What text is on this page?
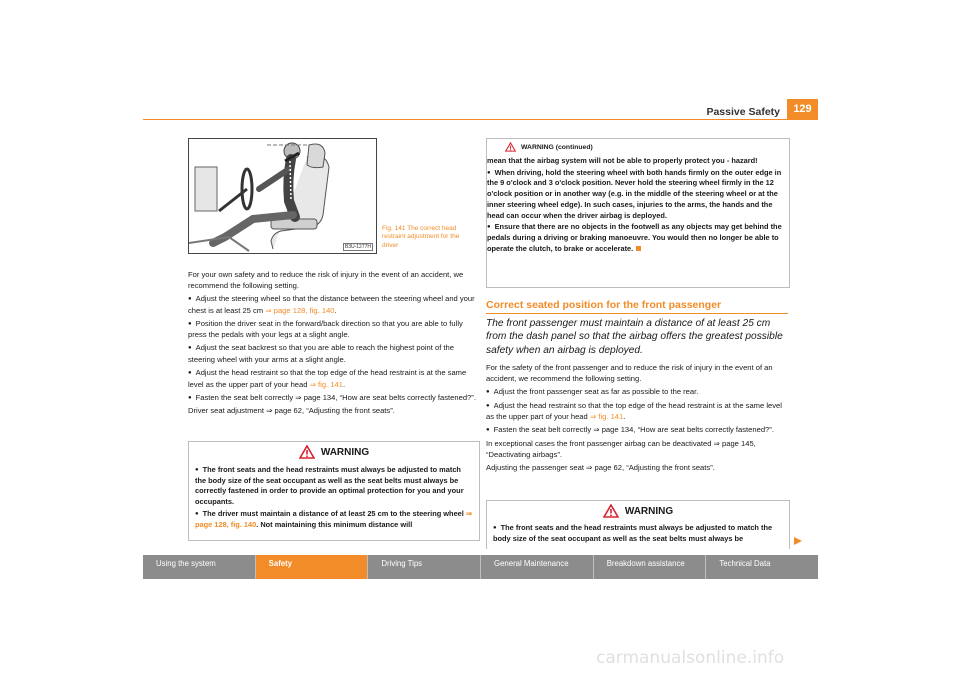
Passive Safety	129
B3U-1277H
Fig. 141 The correct head restraint adjustment for the driver

For your own safety and to reduce the risk of injury in the event of an accident, we recommend the following setting.

● Adjust the steering wheel so that the distance between the steering wheel and your chest is at least 25 cm ⇒ page 128, fig. 140.

● Position the driver seat in the forward/back direction so that you are able to fully press the pedals with your legs at a slight angle.

● Adjust the seat backrest so that you are able to reach the highest point of the steering wheel with your arms at a slight angle.

● Adjust the head restraint so that the top edge of the head restraint is at the same level as the upper part of your head ⇒ fig. 141.

● Fasten the seat belt correctly ⇒ page 134, “How are seat belts correctly fastened?”.

Driver seat adjustment ⇒ page 62, “Adjusting the front seats”.

WARNING

● The front seats and the head restraints must always be adjusted to match the body size of the seat occupant as well as the seat belts must always be correctly fastened in order to provide an optimal protection for you and your occupants.

● The driver must maintain a distance of at least 25 cm to the steering wheel ⇒ page 128, fig. 140. Not maintaining this minimum distance will

WARNING (continued)

mean that the airbag system will not be able to properly protect you - hazard!

● When driving, hold the steering wheel with both hands firmly on the outer edge in the 9 o'clock and 3 o'clock position. Never hold the steering wheel firmly in the 12 o'clock position or in another way (e.g. in the middle of the steering wheel or at the inner steering wheel edge). In such cases, injuries to the arms, the hands and the head can occur when the driver airbag is deployed.

● Ensure that there are no objects in the footwell as any objects may get behind the pedals during a driving or braking manoeuvre. You would then no longer be able to operate the clutch, to brake or accelerate.

Correct seated position for the front passenger
The front passenger must maintain a distance of at least 25 cm from the dash panel so that the airbag offers the greatest possible safety when an airbag is deployed.

For the safety of the front passenger and to reduce the risk of injury in the event of an accident, we recommend the following setting.

● Adjust the front passenger seat as far as possible to the rear.

● Adjust the head restraint so that the top edge of the head restraint is at the same level as the upper part of your head ⇒ fig. 141.

● Fasten the seat belt correctly ⇒ page 134, “How are seat belts correctly fastened?”.

In exceptional cases the front passenger airbag can be deactivated ⇒ page 145, “Deactivating airbags”.

Adjusting the passenger seat ⇒ page 62, “Adjusting the front seats”.

WARNING

● The front seats and the head restraints must always be adjusted to match the body size of the seat occupant as well as the seat belts must always be

Using the system	Safety	Driving Tips	General Maintenance	Breakdown assistance	Technical Data
carmanualsonline.info
